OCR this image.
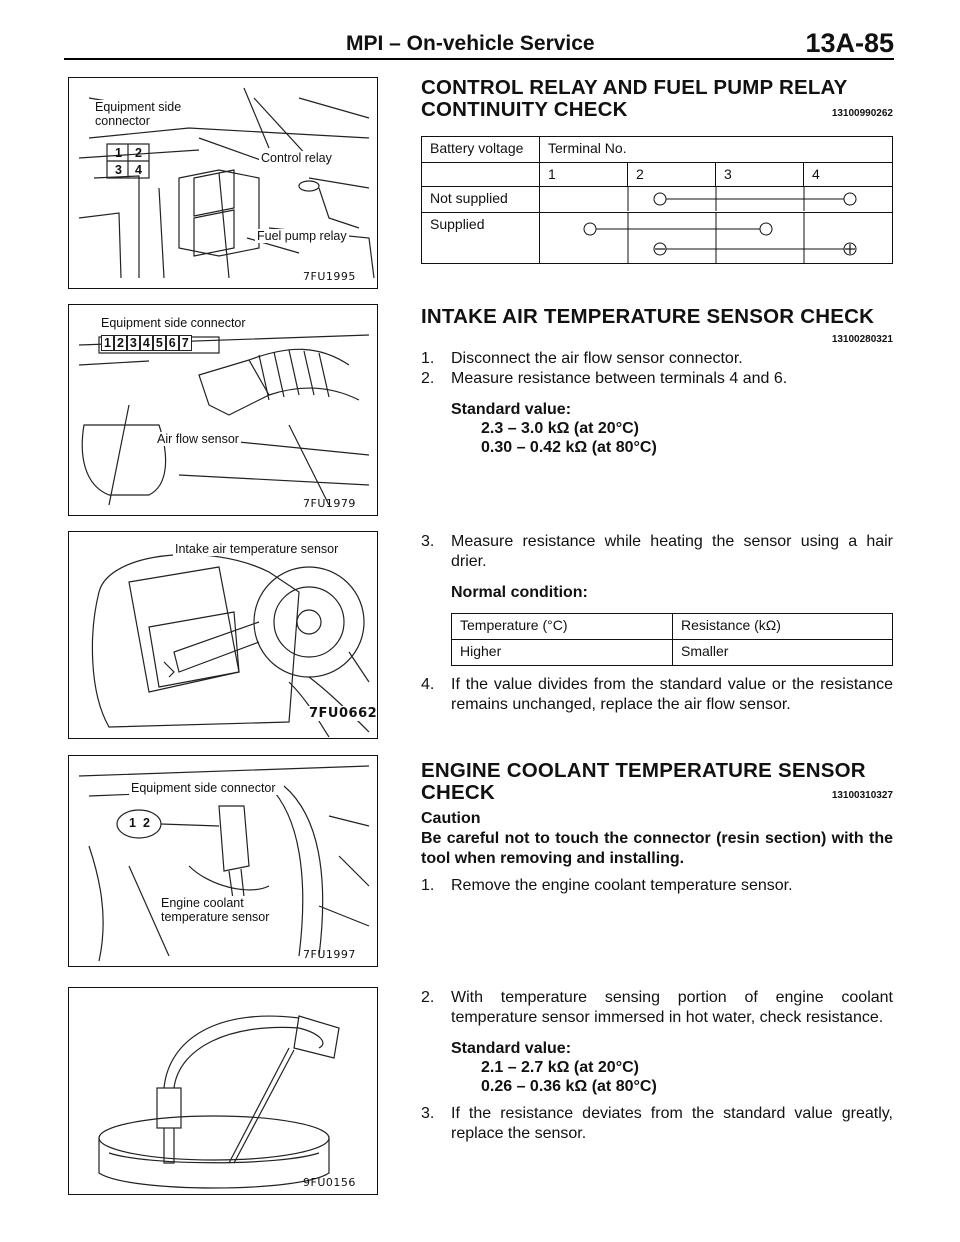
MPI – On-vehicle Service	13A-85
Equipment side
connector
Control relay
Fuel pump relay
1 2
3 4
7FU1995
Equipment side connector
1 2 3 4 5 6 7
Air flow sensor
7FU1979
Intake air temperature sensor
7FU0662
Equipment side connector
1 2
Engine coolant
temperature sensor
7FU1997
9FU0156
CONTROL RELAY AND FUEL PUMP RELAY
CONTINUITY CHECK	13100990262
Battery voltage	Terminal No.			
	1	2	3	4
Not supplied	

Supplied	
INTAKE AIR TEMPERATURE SENSOR CHECK
13100280321
1.	Disconnect the air flow sensor connector.
2.	Measure resistance between terminals 4 and 6.
Standard value:
2.3 – 3.0 kΩ (at 20°C)
0.30 – 0.42 kΩ (at 80°C)
3.	Measure resistance while heating the sensor using a hair drier.
Normal condition:
Temperature (°C)	Resistance (kΩ)
Higher	Smaller
4.	If the value divides from the standard value or the resistance remains unchanged, replace the air flow sensor.
ENGINE COOLANT TEMPERATURE SENSOR
CHECK	13100310327
Caution
Be careful not to touch the connector (resin section) with the tool when removing and installing.
1.	Remove the engine coolant temperature sensor.
2.	With temperature sensing portion of engine coolant temperature sensor immersed in hot water, check resistance.
Standard value:
2.1 – 2.7 kΩ (at 20°C)
0.26 – 0.36 kΩ (at 80°C)
3.	If the resistance deviates from the standard value greatly, replace the sensor.
